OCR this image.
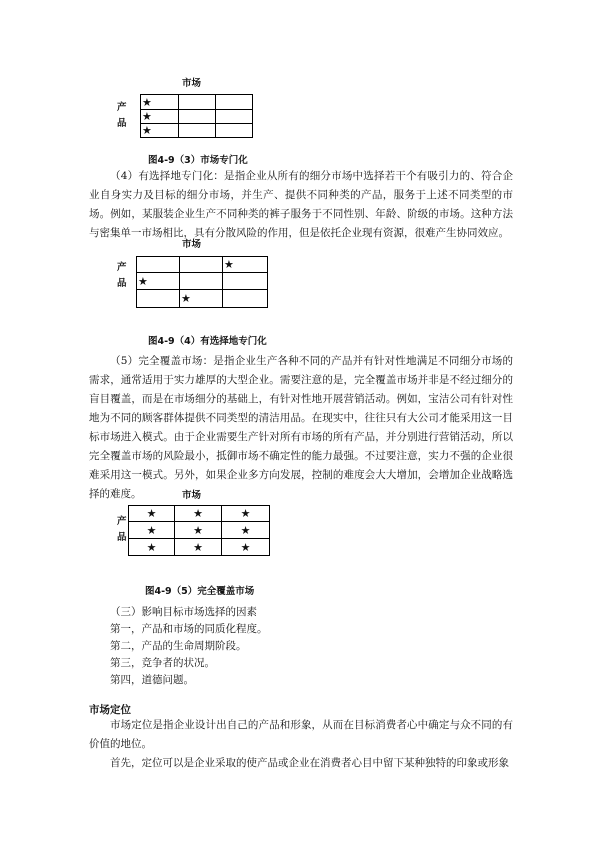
市场
产品
★		
★		
★		
图4-9（3）市场专门化

（4）有选择地专门化：是指企业从所有的细分市场中选择若干个有吸引力的、符合企业自身实力及目标的细分市场，并生产、提供不同种类的产品，服务于上述不同类型的市场。例如，某服装企业生产不同种类的裤子服务于不同性别、年龄、阶级的市场。这种方法与密集单一市场相比，具有分散风险的作用，但是依托企业现有资源，很难产生协同效应。

市场
产品
		★
★		
	★	
图4-9（4）有选择地专门化

（5）完全覆盖市场：是指企业生产各种不同的产品并有针对性地满足不同细分市场的需求，通常适用于实力雄厚的大型企业。需要注意的是，完全覆盖市场并非是不经过细分的盲目覆盖，而是在市场细分的基础上，有针对性地开展营销活动。例如，宝洁公司有针对性地为不同的顾客群体提供不同类型的清洁用品。在现实中，往往只有大公司才能采用这一目标市场进入模式。由于企业需要生产针对所有市场的所有产品，并分别进行营销活动，所以完全覆盖市场的风险最小，抵御市场不确定性的能力最强。不过要注意，实力不强的企业很难采用这一模式。另外，如果企业多方向发展，控制的难度会大大增加，会增加企业战略选择的难度。	市场
产品
★	★	★
★	★	★
★	★	★
图4-9（5）完全覆盖市场
（三）影响目标市场选择的因素
第一，产品和市场的同质化程度。
第二，产品的生命周期阶段。
第三，竞争者的状况。
第四，道德问题。
市场定位

市场定位是指企业设计出自己的产品和形象，从而在目标消费者心中确定与众不同的有价值的地位。

首先，定位可以是企业采取的使产品或企业在消费者心目中留下某种独特的印象或形象
